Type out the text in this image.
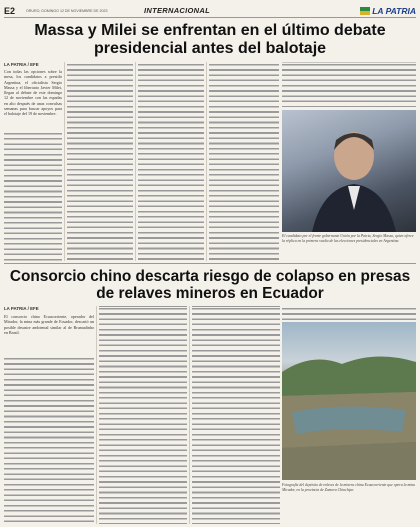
E2	ORURO, DOMINGO 12 DE NOVIEMBRE DE 2023	INTERNACIONAL	LA PATRIA
Massa y Milei se enfrentan en el último debate presidencial antes del balotaje
LA PATRIA / EFE
Con todas las opciones sobre la mesa, los candidatos a presidir Argentina, el oficialista Sergio Massa y el libertario Javier Milei, llegan al debate de este domingo 12 de noviembre con las espadas en alto después de unas convulsas semanas para buscar apoyos para el balotaje del 19 de noviembre.
El candidato por el frente gobernante Unión por la Patria, Sergio Massa, quien ofrece la réplica en la primera vuelta de las elecciones presidenciales en Argentina.
Consorcio chino descarta riesgo de colapso en presas de relaves mineros en Ecuador
LA PATRIA / EFE
El consorcio chino Ecuacorriente, operador del Mirador, la mina más grande de Ecuador, descartó un posible desastre ambiental similar al de Brumadinho en Brasil.
Fotografía del depósito de relaves de la minera china Ecuacorriente que opera la mina Mirador, en la provincia de Zamora Chinchipe.
